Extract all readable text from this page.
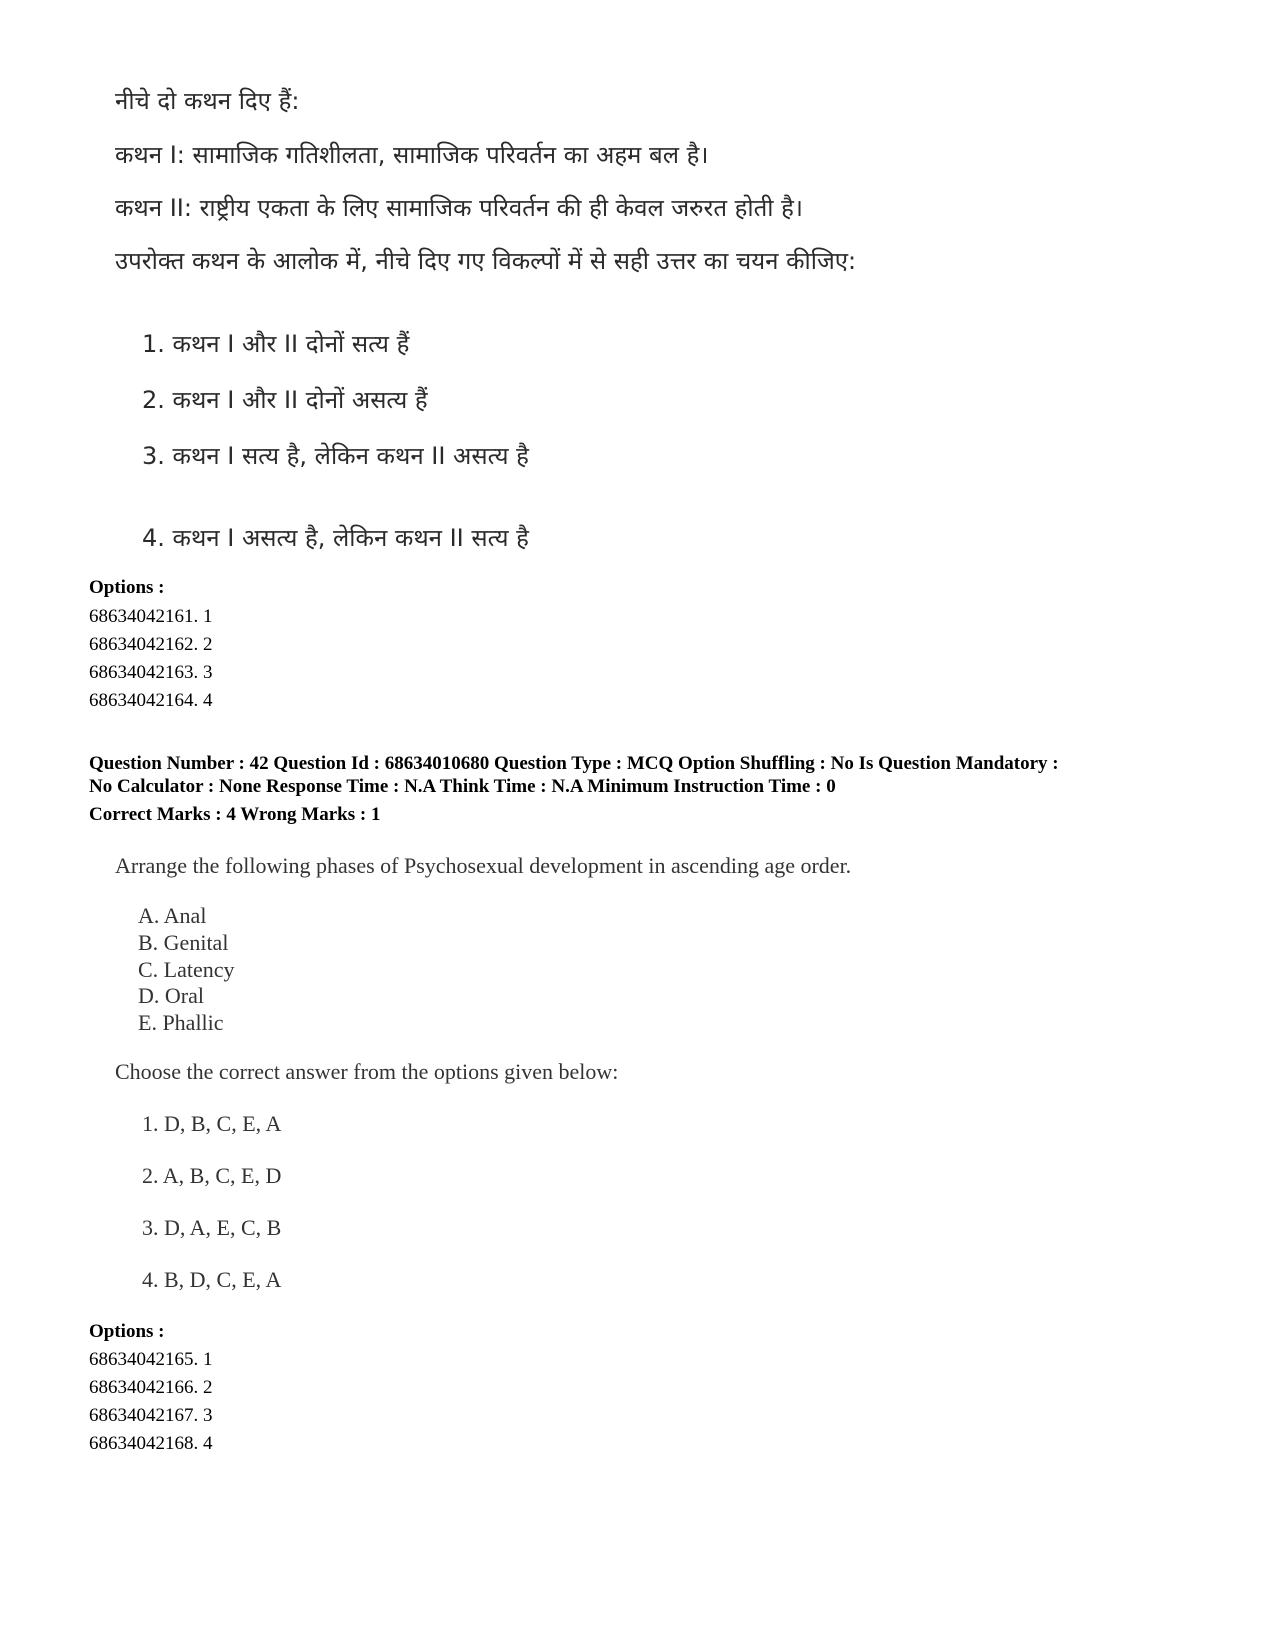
नीचे दो कथन दिए हैं:
कथन I: सामाजिक गतिशीलता, सामाजिक परिवर्तन का अहम बल है।
कथन II: राष्ट्रीय एकता के लिए सामाजिक परिवर्तन की ही केवल जरुरत होती है।
उपरोक्त कथन के आलोक में, नीचे दिए गए विकल्पों में से सही उत्तर का चयन कीजिए:
1. कथन I और II दोनों सत्य हैं
2. कथन I और II दोनों असत्य हैं
3. कथन I सत्य है, लेकिन कथन II असत्य है
4. कथन I असत्य है, लेकिन कथन II सत्य है
Options :
68634042161. 1
68634042162. 2
68634042163. 3
68634042164. 4
Question Number : 42 Question Id : 68634010680 Question Type : MCQ Option Shuffling : No Is Question Mandatory :
No Calculator : None Response Time : N.A Think Time : N.A Minimum Instruction Time : 0
Correct Marks : 4 Wrong Marks : 1
Arrange the following phases of Psychosexual development in ascending age order.
A. Anal
B. Genital
C. Latency
D. Oral
E. Phallic
Choose the correct answer from the options given below:
1. D, B, C, E, A
2. A, B, C, E, D
3. D, A, E, C, B
4. B, D, C, E, A
Options :
68634042165. 1
68634042166. 2
68634042167. 3
68634042168. 4
